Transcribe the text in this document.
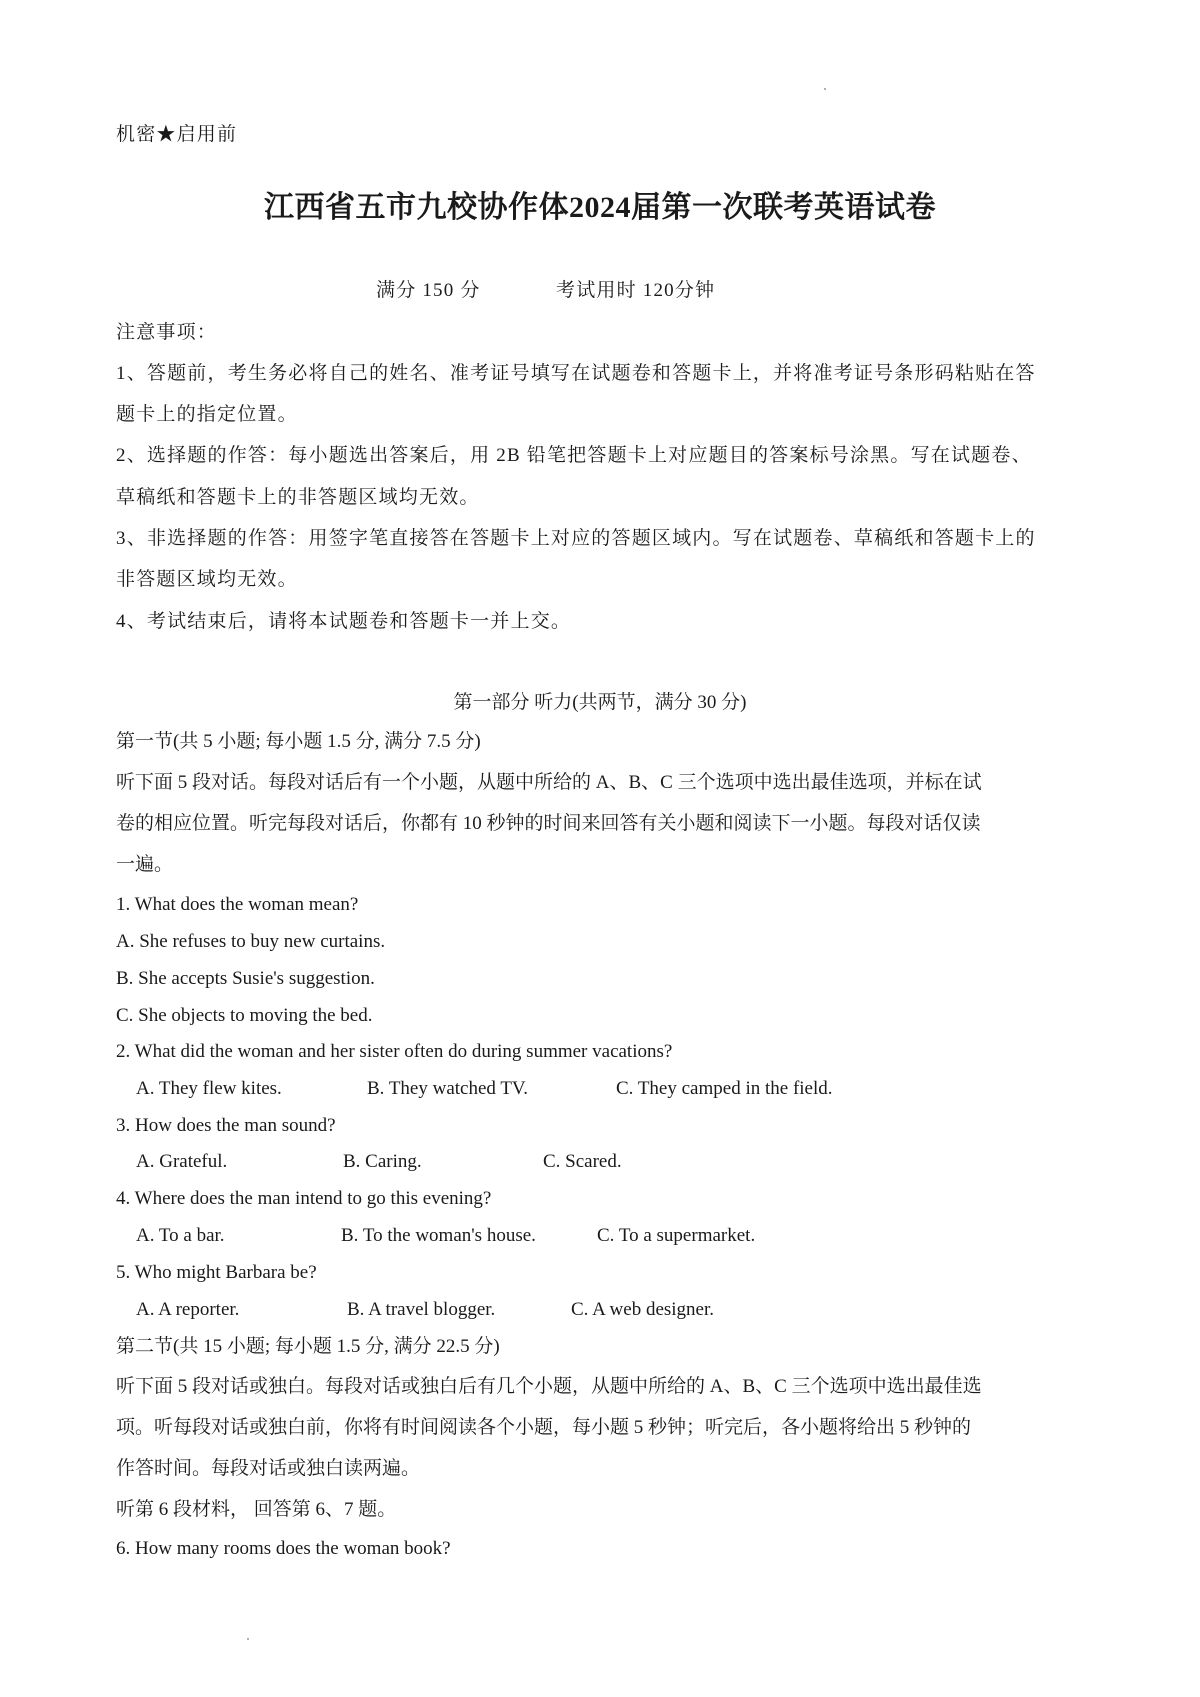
机密★启用前
江西省五市九校协作体2024届第一次联考英语试卷
满分 150 分	考试用时 120分钟
注意事项：
1、答题前，考生务必将自己的姓名、准考证号填写在试题卷和答题卡上，并将准考证号条形码粘贴在答
题卡上的指定位置。
2、选择题的作答：每小题选出答案后，用 2B 铅笔把答题卡上对应题目的答案标号涂黑。写在试题卷、
草稿纸和答题卡上的非答题区域均无效。
3、非选择题的作答：用签字笔直接答在答题卡上对应的答题区域内。写在试题卷、草稿纸和答题卡上的
非答题区域均无效。
4、考试结束后，请将本试题卷和答题卡一并上交。
第一部分 听力(共两节，满分 30 分)
第一节(共 5 小题; 每小题 1.5 分, 满分 7.5 分)
听下面 5 段对话。每段对话后有一个小题，从题中所给的 A、B、C 三个选项中选出最佳选项，并标在试
卷的相应位置。听完每段对话后，你都有 10 秒钟的时间来回答有关小题和阅读下一小题。每段对话仅读
一遍。
1. What does the woman mean?
A. She refuses to buy new curtains.
B. She accepts Susie's suggestion.
C. She objects to moving the bed.
2. What did the woman and her sister often do during summer vacations?
A. They flew kites.	B. They watched TV.	C. They camped in the field.
3. How does the man sound?
A. Grateful.	B. Caring.	C. Scared.
4. Where does the man intend to go this evening?
A. To a bar.	B. To the woman's house.	C. To a supermarket.
5. Who might Barbara be?
A. A reporter.	B. A travel blogger.	C. A web designer.
第二节(共 15 小题; 每小题 1.5 分, 满分 22.5 分)
听下面 5 段对话或独白。每段对话或独白后有几个小题，从题中所给的 A、B、C 三个选项中选出最佳选
项。听每段对话或独白前，你将有时间阅读各个小题，每小题 5 秒钟；听完后，各小题将给出 5 秒钟的
作答时间。每段对话或独白读两遍。
听第 6 段材料， 回答第 6、7 题。
6. How many rooms does the woman book?
